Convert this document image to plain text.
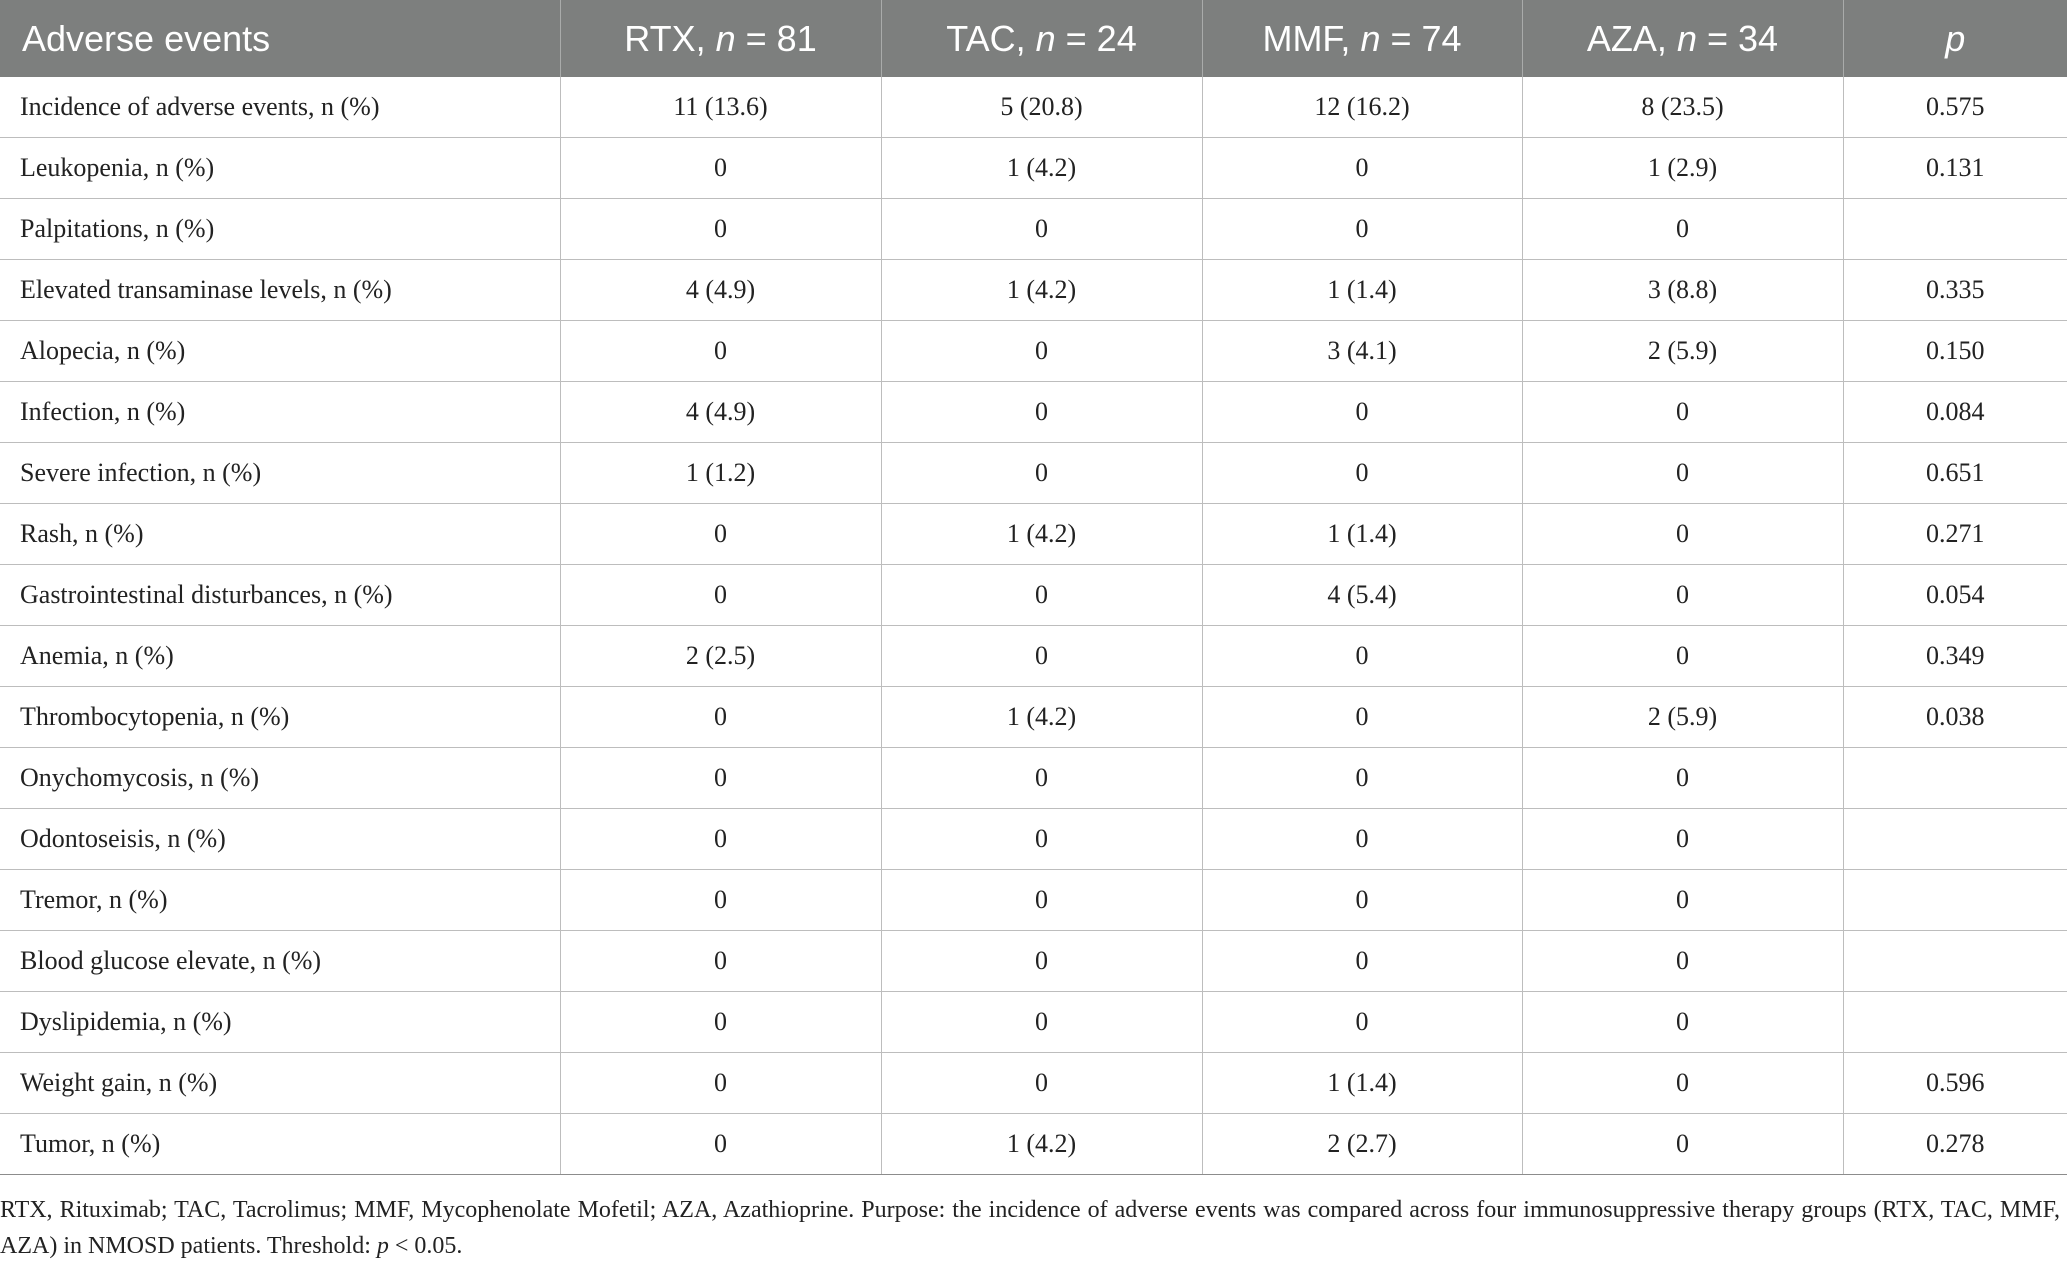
Adverse events	RTX, n = 81	TAC, n = 24	MMF, n = 74	AZA, n = 34	p
Incidence of adverse events, n (%)	11 (13.6)	5 (20.8)	12 (16.2)	8 (23.5)	0.575
Leukopenia, n (%)	0	1 (4.2)	0	1 (2.9)	0.131
Palpitations, n (%)	0	0	0	0	
Elevated transaminase levels, n (%)	4 (4.9)	1 (4.2)	1 (1.4)	3 (8.8)	0.335
Alopecia, n (%)	0	0	3 (4.1)	2 (5.9)	0.150
Infection, n (%)	4 (4.9)	0	0	0	0.084
Severe infection, n (%)	1 (1.2)	0	0	0	0.651
Rash, n (%)	0	1 (4.2)	1 (1.4)	0	0.271
Gastrointestinal disturbances, n (%)	0	0	4 (5.4)	0	0.054
Anemia, n (%)	2 (2.5)	0	0	0	0.349
Thrombocytopenia, n (%)	0	1 (4.2)	0	2 (5.9)	0.038
Onychomycosis, n (%)	0	0	0	0	
Odontoseisis, n (%)	0	0	0	0	
Tremor, n (%)	0	0	0	0	
Blood glucose elevate, n (%)	0	0	0	0	
Dyslipidemia, n (%)	0	0	0	0	
Weight gain, n (%)	0	0	1 (1.4)	0	0.596
Tumor, n (%)	0	1 (4.2)	2 (2.7)	0	0.278
RTX, Rituximab; TAC, Tacrolimus; MMF, Mycophenolate Mofetil; AZA, Azathioprine. Purpose: the incidence of adverse events was compared across four immunosuppressive therapy groups (RTX, TAC, MMF, AZA) in NMOSD patients. Threshold: p < 0.05.
